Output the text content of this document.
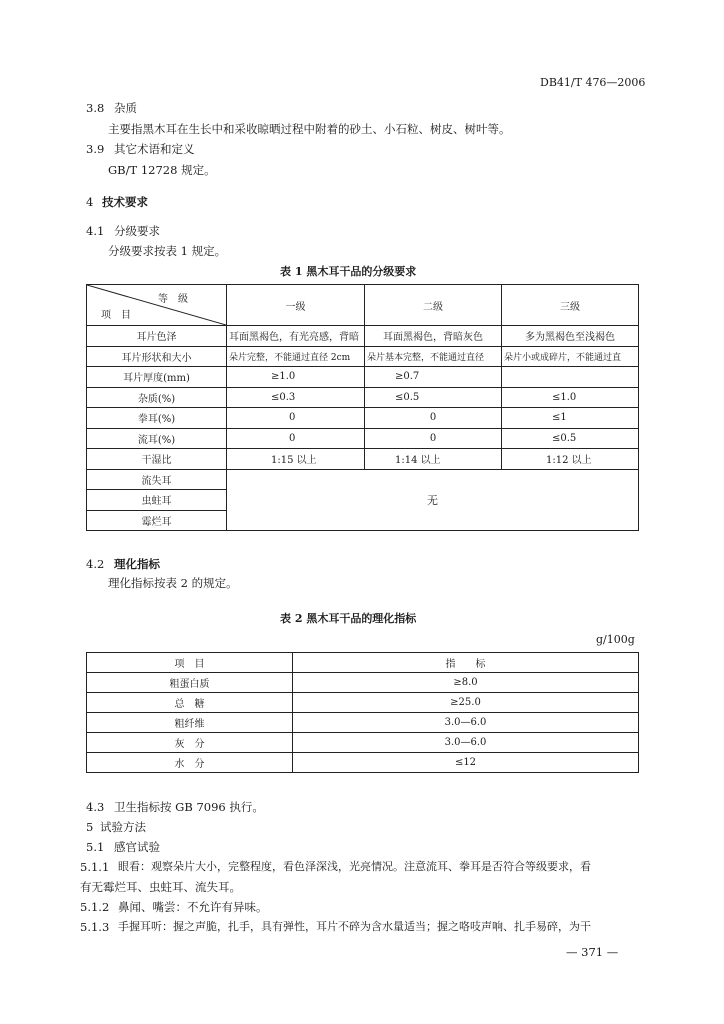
DB41/T 476—2006
3.8 杂质
主要指黑木耳在生长中和采收晾晒过程中附着的砂土、小石粒、树皮、树叶等。
3.9 其它术语和定义
GB/T 12728 规定。
4 技术要求
4.1 分级要求
分级要求按表 1 规定。
表 1 黑木耳干品的分级要求
等　级
项　目	一级	二级	三级
耳片色泽	耳面黑褐色，有光亮感，背暗	耳面黑褐色，背暗灰色	多为黑褐色至浅褐色
耳片形状和大小	朵片完整，不能通过直径 2cm	朵片基本完整，不能通过直径	朵片小或成碎片，不能通过直
耳片厚度(mm)	≥1.0	≥0.7	
杂质(%)	≤0.3	≤0.5	≤1.0
拳耳(%)	0	0	≤1
流耳(%)	0	0	≤0.5
干湿比	1:15 以上	1:14 以上	1:12 以上
流失耳	无		
虫蛀耳			
霉烂耳			
4.2 理化指标
理化指标按表 2 的规定。
表 2 黑木耳干品的理化指标
g/100g
项　目	指　　标
粗蛋白质	≥8.0
总　糖	≥25.0
粗纤维	3.0—6.0
灰　分	3.0—6.0
水　分	≤12
4.3 卫生指标按 GB 7096 执行。
5 试验方法
5.1 感官试验
5.1.1 眼看：观察朵片大小，完整程度，看色泽深浅，光亮情况。注意流耳、拳耳是否符合等级要求，看
有无霉烂耳、虫蛀耳、流失耳。
5.1.2 鼻闻、嘴尝：不允许有异味。
5.1.3 手握耳听：握之声脆，扎手，具有弹性，耳片不碎为含水量适当；握之咯吱声响、扎手易碎，为干
— 371 —
